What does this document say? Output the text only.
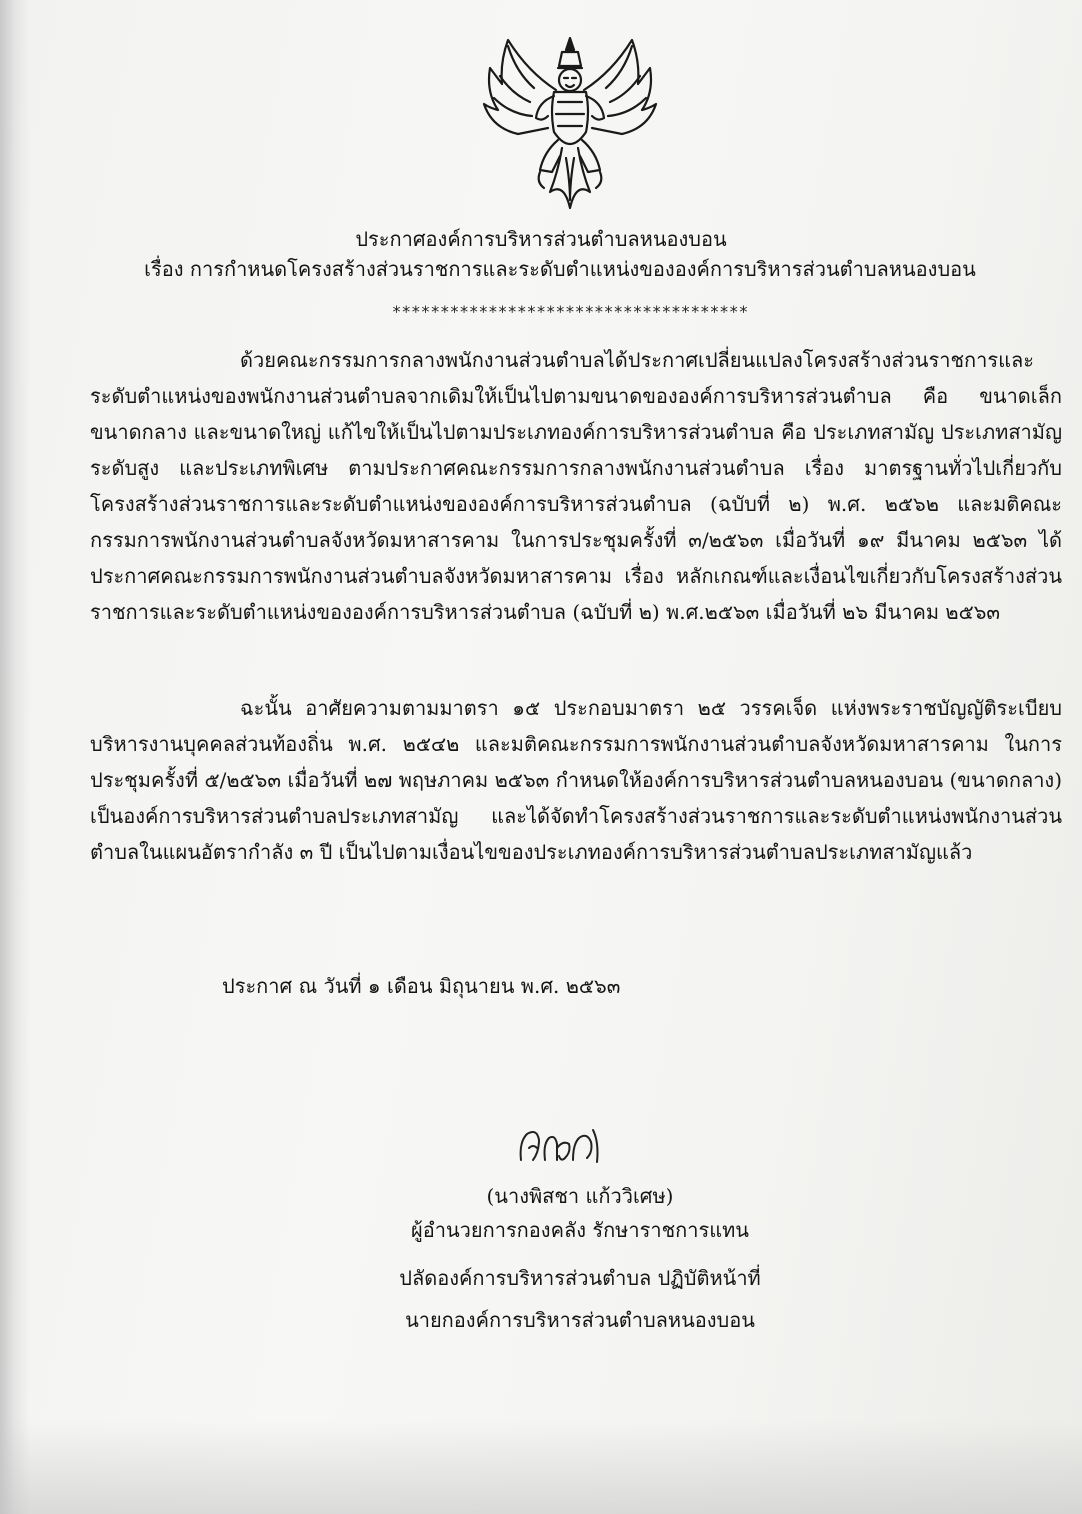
ประกาศองค์การบริหารส่วนตำบลหนองบอน
เรื่อง การกำหนดโครงสร้างส่วนราชการและระดับตำแหน่งขององค์การบริหารส่วนตำบลหนองบอน
*************************************
ด้วยคณะกรรมการกลางพนักงานส่วนตำบลได้ประกาศเปลี่ยนแปลงโครงสร้างส่วนราชการและระดับตำแหน่งของพนักงานส่วนตำบลจากเดิมให้เป็นไปตามขนาดขององค์การบริหารส่วนตำบล คือ ขนาดเล็ก ขนาดกลาง และขนาดใหญ่ แก้ไขให้เป็นไปตามประเภทองค์การบริหารส่วนตำบล คือ ประเภทสามัญ ประเภทสามัญ ระดับสูง และประเภทพิเศษ ตามประกาศคณะกรรมการกลางพนักงานส่วนตำบล เรื่อง มาตรฐานทั่วไปเกี่ยวกับโครงสร้างส่วนราชการและระดับตำแหน่งขององค์การบริหารส่วนตำบล (ฉบับที่ ๒) พ.ศ. ๒๕๖๒ และมติคณะกรรมการพนักงานส่วนตำบลจังหวัดมหาสารคาม ในการประชุมครั้งที่ ๓/๒๕๖๓ เมื่อวันที่ ๑๙ มีนาคม ๒๕๖๓ ได้ประกาศคณะกรรมการพนักงานส่วนตำบลจังหวัดมหาสารคาม เรื่อง หลักเกณฑ์และเงื่อนไขเกี่ยวกับโครงสร้างส่วนราชการและระดับตำแหน่งขององค์การบริหารส่วนตำบล (ฉบับที่ ๒) พ.ศ.๒๕๖๓ เมื่อวันที่ ๒๖ มีนาคม ๒๕๖๓
ฉะนั้น อาศัยความตามมาตรา ๑๕ ประกอบมาตรา ๒๕ วรรคเจ็ด แห่งพระราชบัญญัติระเบียบบริหารงานบุคคลส่วนท้องถิ่น พ.ศ. ๒๕๔๒ และมติคณะกรรมการพนักงานส่วนตำบลจังหวัดมหาสารคาม ในการประชุมครั้งที่ ๕/๒๕๖๓ เมื่อวันที่ ๒๗ พฤษภาคม ๒๕๖๓ กำหนดให้องค์การบริหารส่วนตำบลหนองบอน (ขนาดกลาง) เป็นองค์การบริหารส่วนตำบลประเภทสามัญ และได้จัดทำโครงสร้างส่วนราชการและระดับตำแหน่งพนักงานส่วนตำบลในแผนอัตรากำลัง ๓ ปี เป็นไปตามเงื่อนไขของประเภทองค์การบริหารส่วนตำบลประเภทสามัญแล้ว
ประกาศ ณ วันที่ ๑ เดือน มิถุนายน พ.ศ. ๒๕๖๓
(นางพิสชา แก้ววิเศษ)
ผู้อำนวยการกองคลัง รักษาราชการแทน
ปลัดองค์การบริหารส่วนตำบล ปฏิบัติหน้าที่
นายกองค์การบริหารส่วนตำบลหนองบอน
